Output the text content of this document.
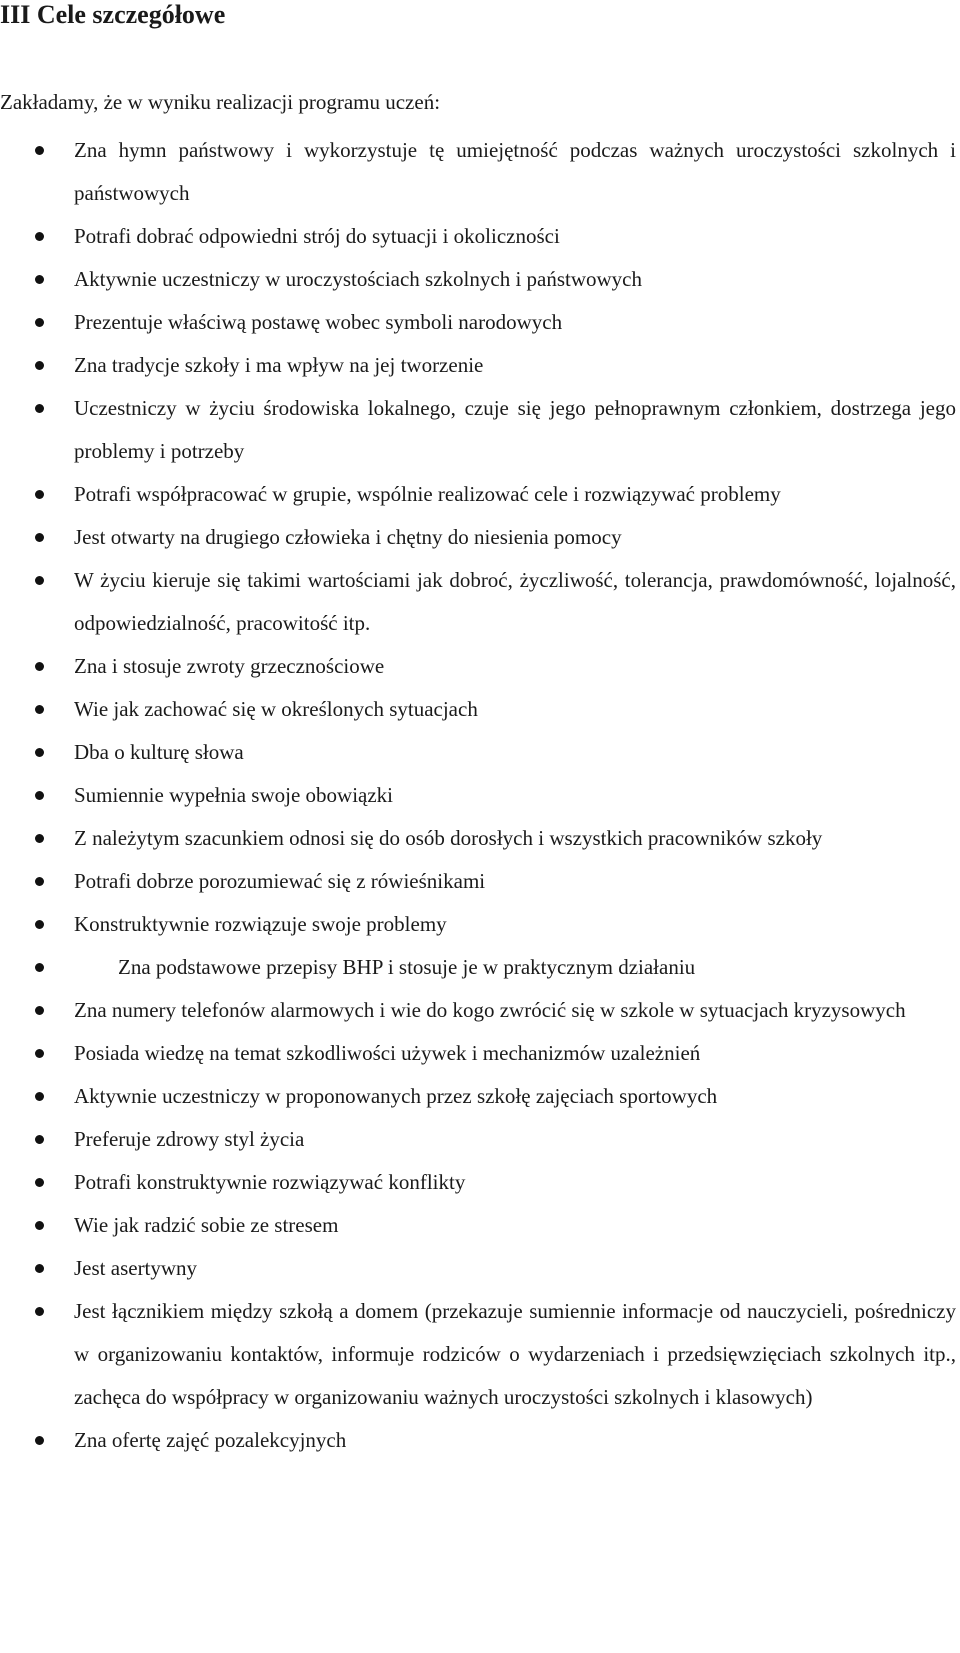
III Cele szczegółowe

Zakładamy, że w wyniku realizacji programu uczeń:

Zna hymn państwowy i wykorzystuje tę umiejętność podczas ważnych uroczystości szkolnych i państwowych
Potrafi dobrać odpowiedni strój do sytuacji i okoliczności
Aktywnie uczestniczy w uroczystościach szkolnych i państwowych
Prezentuje właściwą postawę wobec symboli narodowych
Zna tradycje szkoły i ma wpływ na jej tworzenie
Uczestniczy w życiu środowiska lokalnego, czuje się jego pełnoprawnym członkiem, dostrzega jego problemy i potrzeby
Potrafi współpracować w grupie, wspólnie realizować cele i rozwiązywać problemy
Jest otwarty na drugiego człowieka i chętny do niesienia pomocy
W życiu kieruje się takimi wartościami jak dobroć, życzliwość, tolerancja, prawdomówność, lojalność, odpowiedzialność, pracowitość itp.
Zna i stosuje zwroty grzecznościowe
Wie jak zachować się w określonych sytuacjach
Dba o kulturę słowa
Sumiennie wypełnia swoje obowiązki
Z należytym szacunkiem odnosi się do osób dorosłych i wszystkich pracowników szkoły
Potrafi dobrze porozumiewać się z rówieśnikami
Konstruktywnie rozwiązuje swoje problemy
Zna podstawowe przepisy BHP i stosuje je w praktycznym działaniu
Zna numery telefonów alarmowych i wie do kogo zwrócić się w szkole w sytuacjach kryzysowych
Posiada wiedzę na temat szkodliwości używek i mechanizmów uzależnień
Aktywnie uczestniczy w proponowanych przez szkołę zajęciach sportowych
Preferuje zdrowy styl życia
Potrafi konstruktywnie rozwiązywać konflikty
Wie jak radzić sobie ze stresem
Jest asertywny
Jest łącznikiem między szkołą a domem (przekazuje sumiennie informacje od nauczycieli, pośredniczy w organizowaniu kontaktów, informuje rodziców o wydarzeniach i przedsięwzięciach szkolnych itp., zachęca do współpracy w organizowaniu ważnych uroczystości szkolnych i klasowych)
Zna ofertę zajęć pozalekcyjnych
